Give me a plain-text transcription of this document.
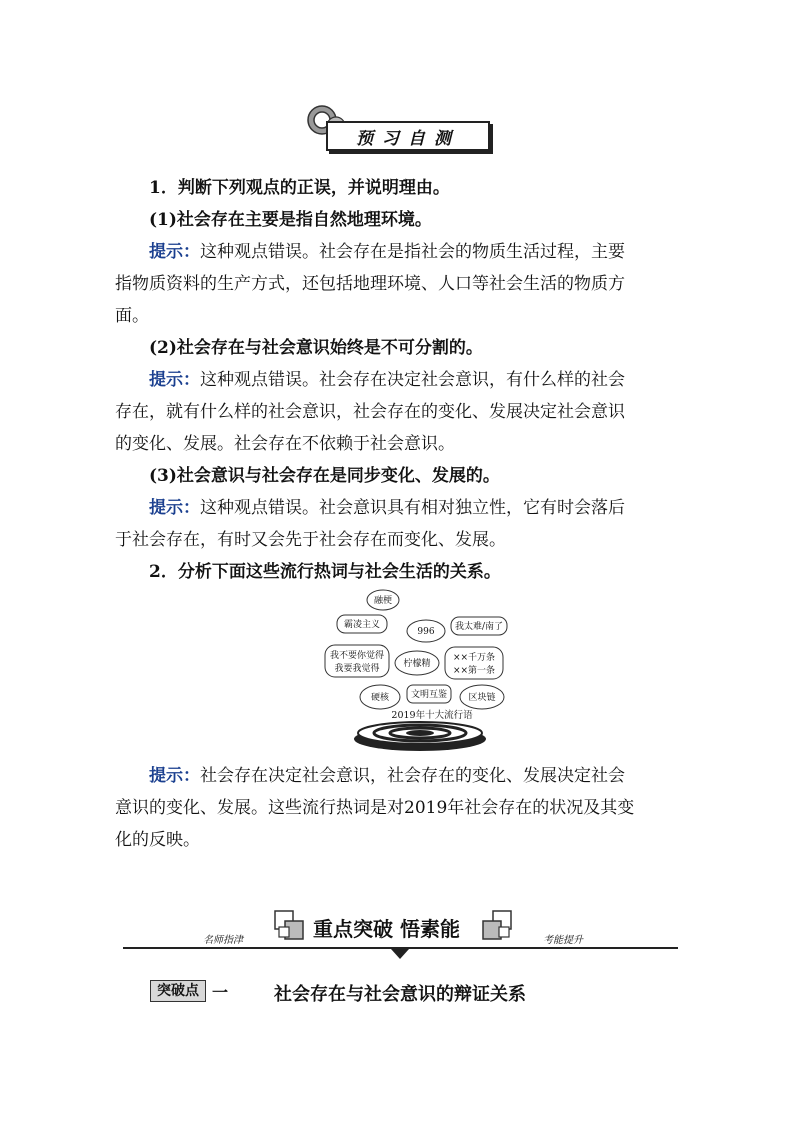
预习自测
1．判断下列观点的正误，并说明理由。
(1)社会存在主要是指自然地理环境。
提示：这种观点错误。社会存在是指社会的物质生活过程，主要
指物质资料的生产方式，还包括地理环境、人口等社会生活的物质方
面。
(2)社会存在与社会意识始终是不可分割的。
提示：这种观点错误。社会存在决定社会意识，有什么样的社会
存在，就有什么样的社会意识，社会存在的变化、发展决定社会意识
的变化、发展。社会存在不依赖于社会意识。
(3)社会意识与社会存在是同步变化、发展的。
提示：这种观点错误。社会意识具有相对独立性，它有时会落后
于社会存在，有时又会先于社会存在而变化、发展。
2．分析下面这些流行热词与社会生活的关系。
融梗
霸凌主义
996 我太难/南了
我不要你觉得
我要我觉得	柠檬精
××千万条
××第一条
硬核 文明互鉴 区块链
2019年十大流行语
提示：社会存在决定社会意识，社会存在的变化、发展决定社会
意识的变化、发展。这些流行热词是对2019年社会存在的状况及其变
化的反映。
重点突破 悟素能
名师指津	考能提升
突破点 一	社会存在与社会意识的辩证关系
